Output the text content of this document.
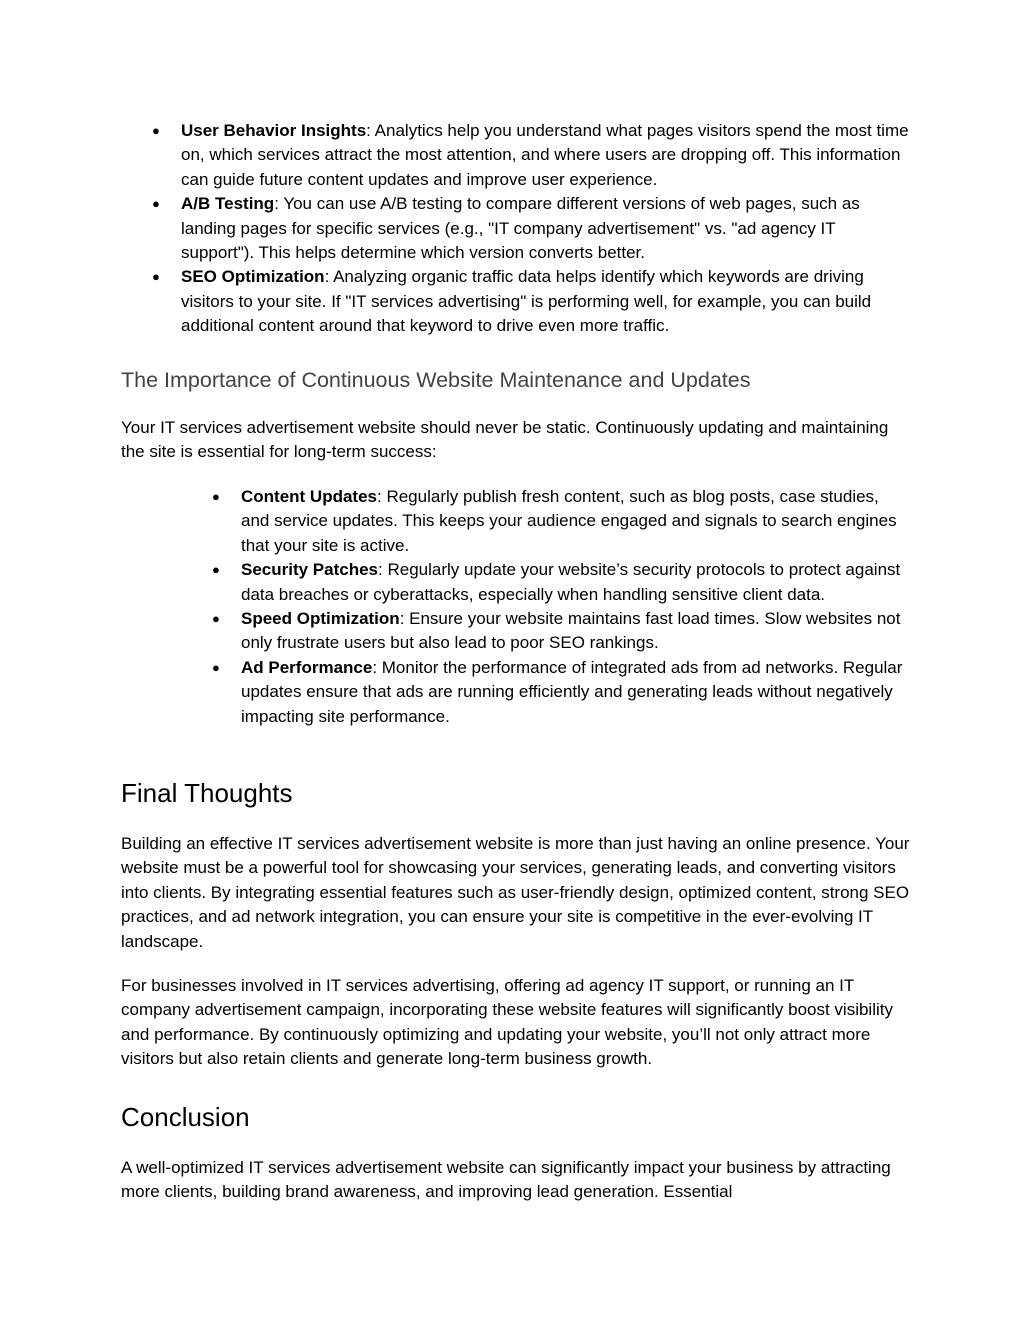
● User Behavior Insights: Analytics help you understand what pages visitors spend the most time on, which services attract the most attention, and where users are dropping off. This information can guide future content updates and improve user experience.
● A/B Testing: You can use A/B testing to compare different versions of web pages, such as landing pages for specific services (e.g., "IT company advertisement" vs. "ad agency IT support"). This helps determine which version converts better.
● SEO Optimization: Analyzing organic traffic data helps identify which keywords are driving visitors to your site. If "IT services advertising" is performing well, for example, you can build additional content around that keyword to drive even more traffic.
The Importance of Continuous Website Maintenance and Updates

Your IT services advertisement website should never be static. Continuously updating and maintaining the site is essential for long-term success:

● Content Updates: Regularly publish fresh content, such as blog posts, case studies, and service updates. This keeps your audience engaged and signals to search engines that your site is active.
● Security Patches: Regularly update your website’s security protocols to protect against data breaches or cyberattacks, especially when handling sensitive client data.
● Speed Optimization: Ensure your website maintains fast load times. Slow websites not only frustrate users but also lead to poor SEO rankings.
● Ad Performance: Monitor the performance of integrated ads from ad networks. Regular updates ensure that ads are running efficiently and generating leads without negatively impacting site performance.
Final Thoughts

Building an effective IT services advertisement website is more than just having an online presence. Your website must be a powerful tool for showcasing your services, generating leads, and converting visitors into clients. By integrating essential features such as user-friendly design, optimized content, strong SEO practices, and ad network integration, you can ensure your site is competitive in the ever-evolving IT landscape.

For businesses involved in IT services advertising, offering ad agency IT support, or running an IT company advertisement campaign, incorporating these website features will significantly boost visibility and performance. By continuously optimizing and updating your website, you’ll not only attract more visitors but also retain clients and generate long-term business growth.

Conclusion

A well-optimized IT services advertisement website can significantly impact your business by attracting more clients, building brand awareness, and improving lead generation. Essential
